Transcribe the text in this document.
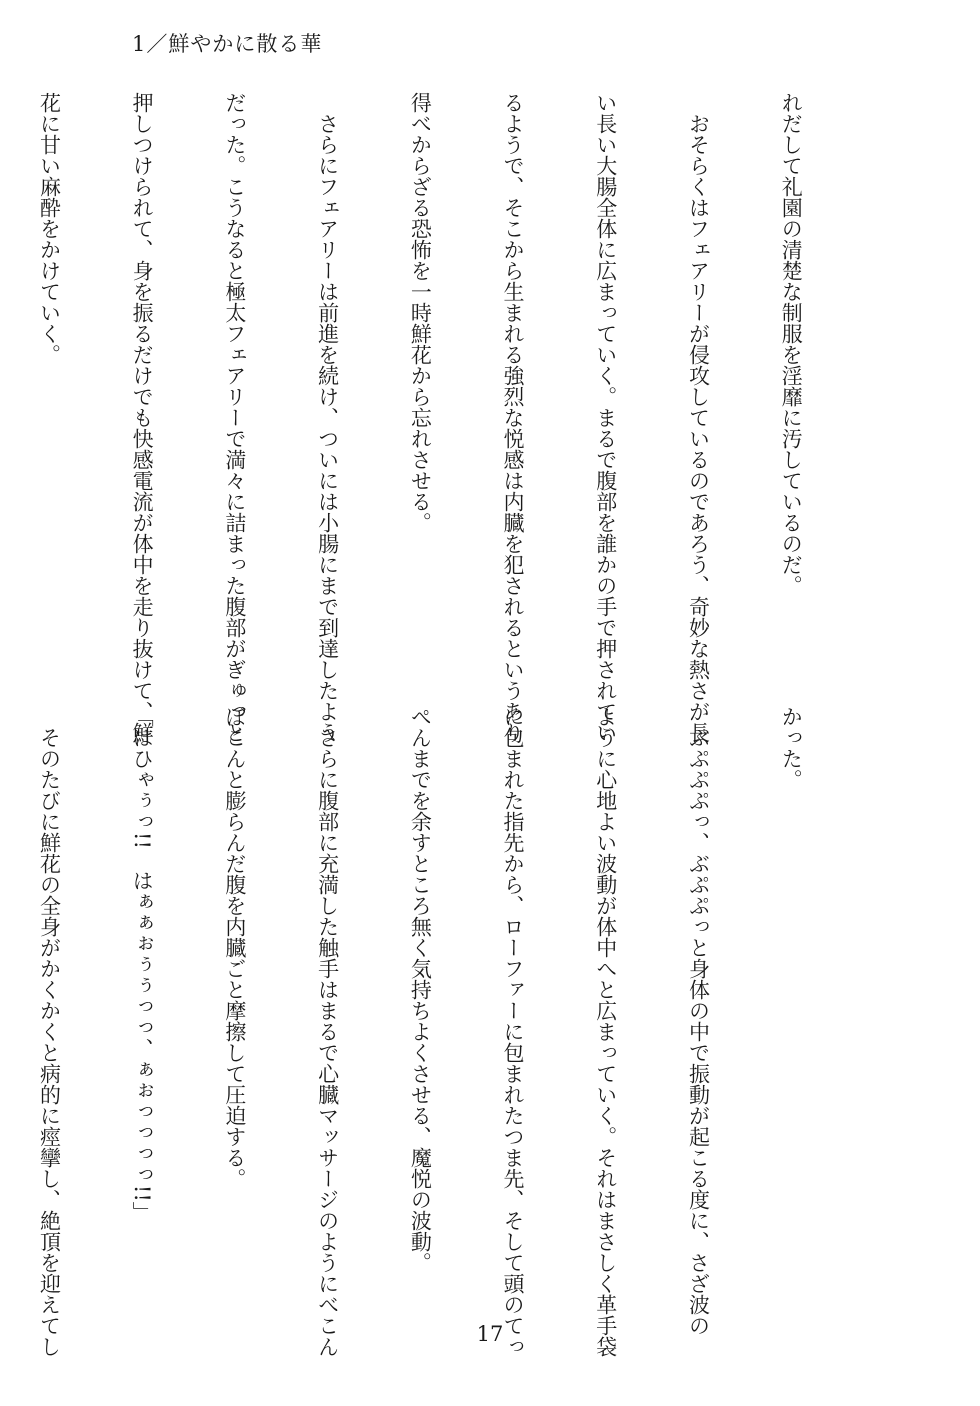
1／鮮やかに散る華

れだして礼園の清楚な制服を淫靡に汚しているのだ。

　おそらくはフェアリーが侵攻しているのであろう、奇妙な熱さが長

い長い大腸全体に広まっていく。まるで腹部を誰かの手で押されてい

るようで、そこから生まれる強烈な悦感は内臓を犯されるというあり

得べからざる恐怖を一時鮮花から忘れさせる。

　さらにフェアリーは前進を続け、ついには小腸にまで到達したよう

だった。こうなると極太フェアリーで満々に詰まった腹部がぎゅっと

押しつけられて、身を振るだけでも快感電流が体中を走り抜けて、鮮

花に甘い麻酔をかけていく。

かった。

　ぶぷぷぷっ、ぶぷぷっと身体の中で振動が起こる度に、さざ波の

ように心地よい波動が体中へと広まっていく。それはまさしく革手袋

に包まれた指先から、ローファーに包まれたつま先、そして頭のてっ

ぺんまでを余すところ無く気持ちよくさせる、魔悦の波動。

　さらに腹部に充満した触手はまるで心臓マッサージのようにべこん

ぼこんと膨らんだ腹を内臓ごと摩擦して圧迫する。

「はひゃぅっ!!　はぁぁぉぅぅっっ、ぁぉっっっっ!!」

　そのたびに鮮花の全身がかくかくと病的に痙攣し、絶頂を迎えてし

	17
